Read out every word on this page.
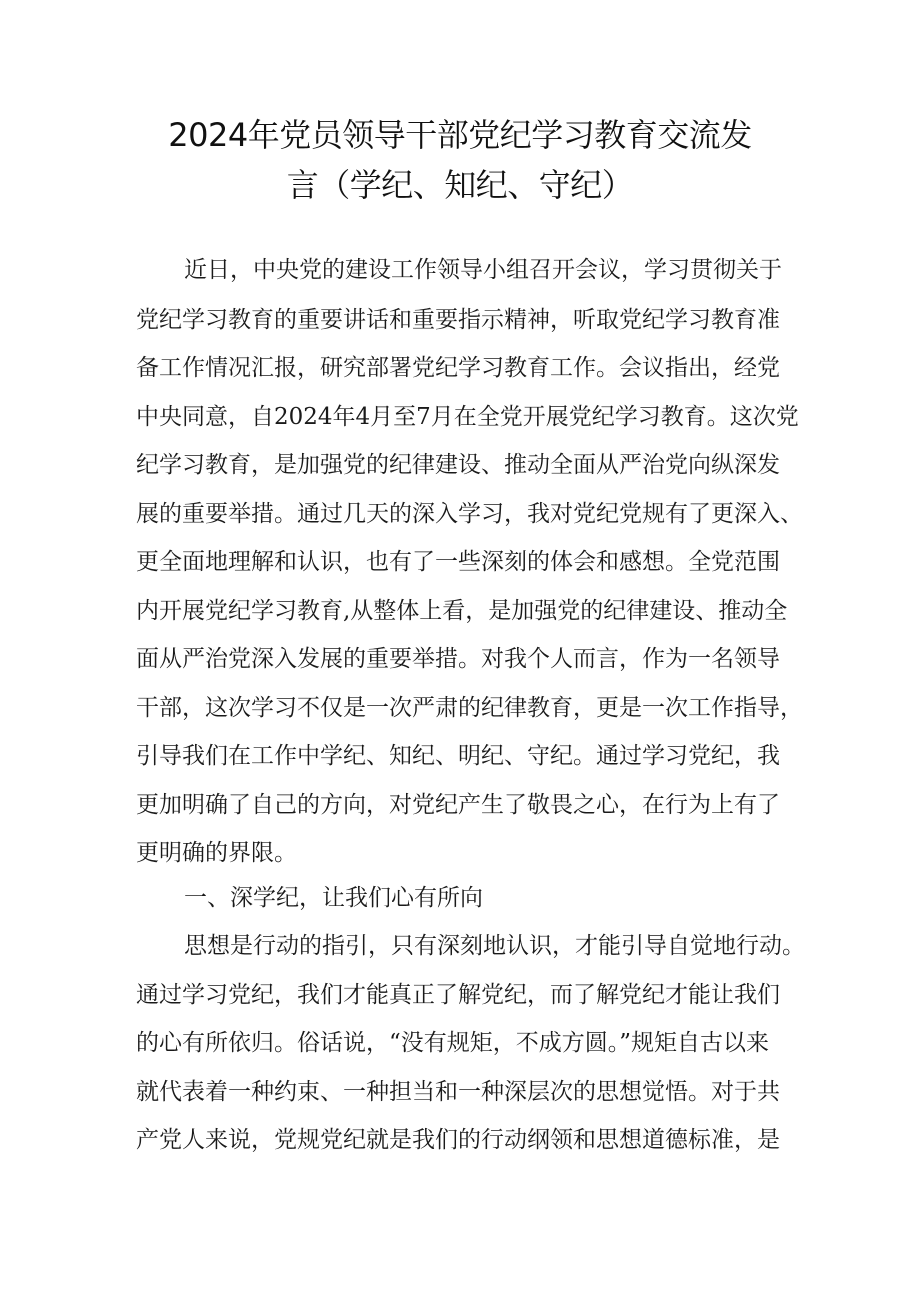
2024年党员领导干部党纪学习教育交流发
言（学纪、知纪、守纪）
近日，中央党的建设工作领导小组召开会议，学习贯彻关于
党纪学习教育的重要讲话和重要指示精神，听取党纪学习教育准
备工作情况汇报，研究部署党纪学习教育工作。会议指出，经党
中央同意，自2024年4月至7月在全党开展党纪学习教育。这次党
纪学习教育，是加强党的纪律建设、推动全面从严治党向纵深发
展的重要举措。通过几天的深入学习，我对党纪党规有了更深入、
更全面地理解和认识，也有了一些深刻的体会和感想。全党范围
内开展党纪学习教育,从整体上看，是加强党的纪律建设、推动全
面从严治党深入发展的重要举措。对我个人而言，作为一名领导
干部，这次学习不仅是一次严肃的纪律教育，更是一次工作指导，
引导我们在工作中学纪、知纪、明纪、守纪。通过学习党纪，我
更加明确了自己的方向，对党纪产生了敬畏之心，在行为上有了
更明确的界限。
一、深学纪，让我们心有所向
思想是行动的指引，只有深刻地认识，才能引导自觉地行动。
通过学习党纪，我们才能真正了解党纪，而了解党纪才能让我们
的心有所依归。俗话说，“没有规矩，不成方圆。”规矩自古以来
就代表着一种约束、一种担当和一种深层次的思想觉悟。对于共
产党人来说，党规党纪就是我们的行动纲领和思想道德标准，是
